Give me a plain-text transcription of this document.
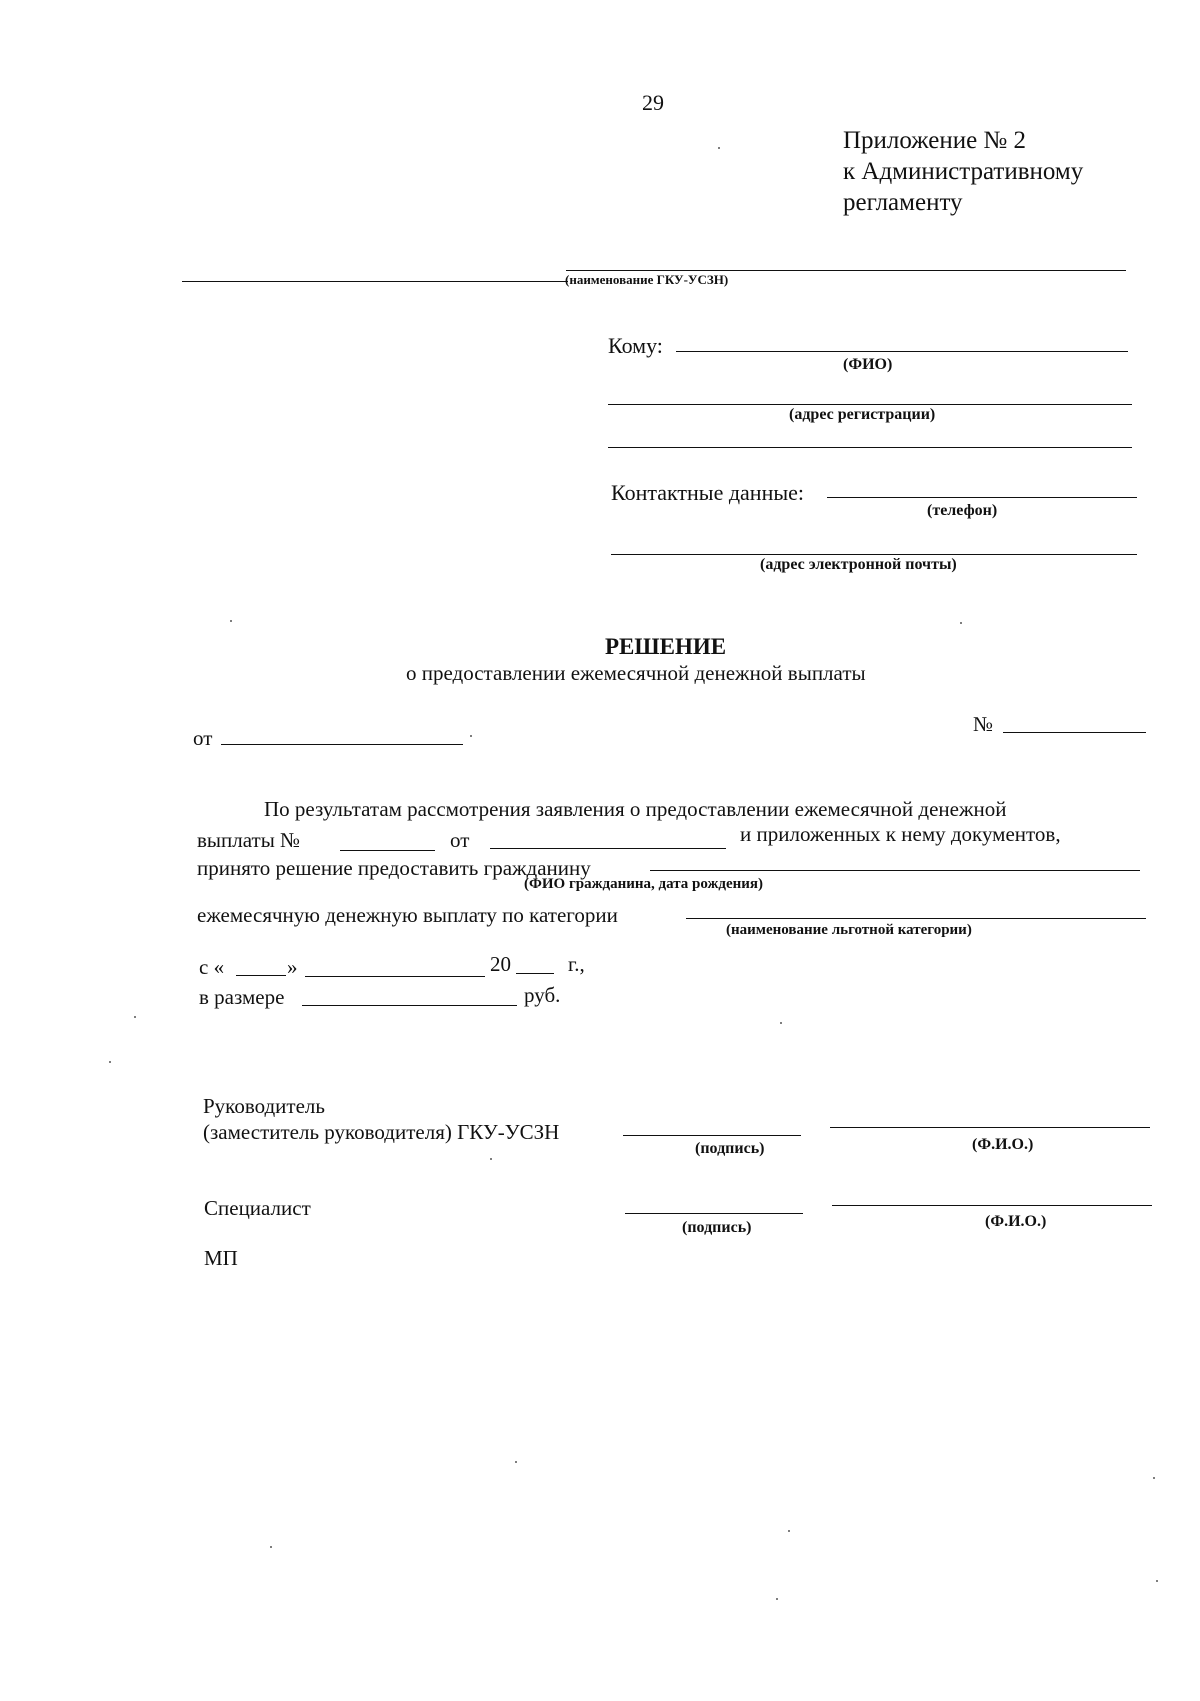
29
Приложение № 2
к Административному
регламенту
(наименование ГКУ-УСЗН)
Кому:
(ФИО)
(адрес регистрации)
Контактные данные:
(телефон)
(адрес электронной почты)
РЕШЕНИЕ
о предоставлении ежемесячной денежной выплаты
от
№
По результатам рассмотрения заявления о предоставлении ежемесячной денежной
выплаты №	от	и приложенных к нему документов,
принято решение предоставить гражданину
(ФИО гражданина, дата рождения)
ежемесячную денежную выплату по категории
(наименование льготной категории)
с «	»	20	г.,
в размере	руб.
Руководитель
(заместитель руководителя) ГКУ-УСЗН
(подпись)	(Ф.И.О.)
Специалист
(подпись)	(Ф.И.О.)
МП
